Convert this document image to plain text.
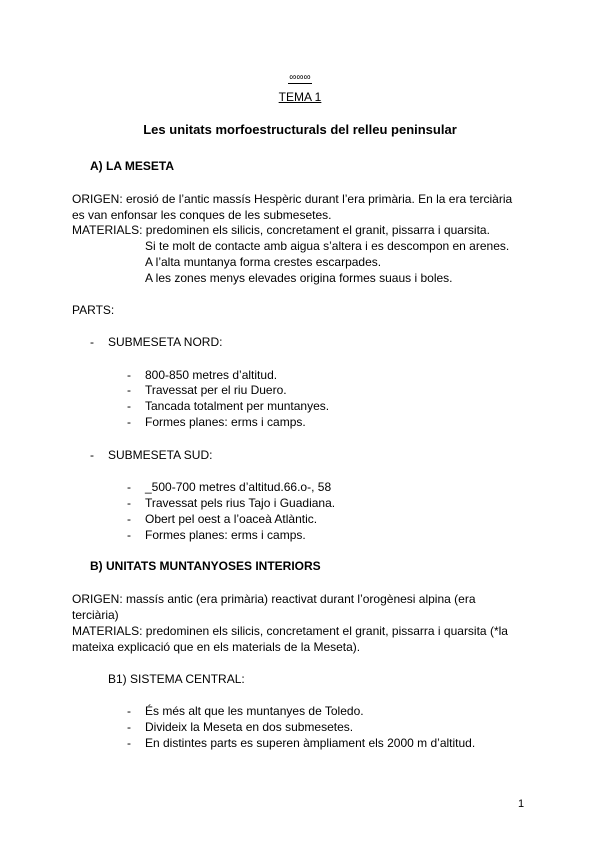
∞∞∞
TEMA 1
Les unitats morfoestructurals del relleu peninsular
A) LA MESETA
ORIGEN: erosió de l’antic massís Hespèric durant l’era primària. En la era terciària
es van enfonsar les conques de les submesetes.
MATERIALS: predominen els silicis, concretament el granit, pissarra i quarsita.
Si te molt de contacte amb aigua s’altera i es descompon en arenes.
A l’alta muntanya forma crestes escarpades.
A les zones menys elevades origina formes suaus i boles.
PARTS:
- SUBMESETA NORD:
- 800-850 metres d’altitud.
- Travessat per el riu Duero.
- Tancada totalment per muntanyes.
- Formes planes: erms i camps.
- SUBMESETA SUD:
- _500-700 metres d’altitud.66.o-, 58
- Travessat pels rius Tajo i Guadiana.
- Obert pel oest a l’oaceà Atlàntic.
- Formes planes: erms i camps.
B) UNITATS MUNTANYOSES INTERIORS
ORIGEN: massís antic (era primària) reactivat durant l’orogènesi alpina (era
terciària)
MATERIALS: predominen els silicis, concretament el granit, pissarra i quarsita (*la
mateixa explicació que en els materials de la Meseta).
B1) SISTEMA CENTRAL:
- És més alt que les muntanyes de Toledo.
- Divideix la Meseta en dos submesetes.
- En distintes parts es superen àmpliament els 2000 m d’altitud.
1
